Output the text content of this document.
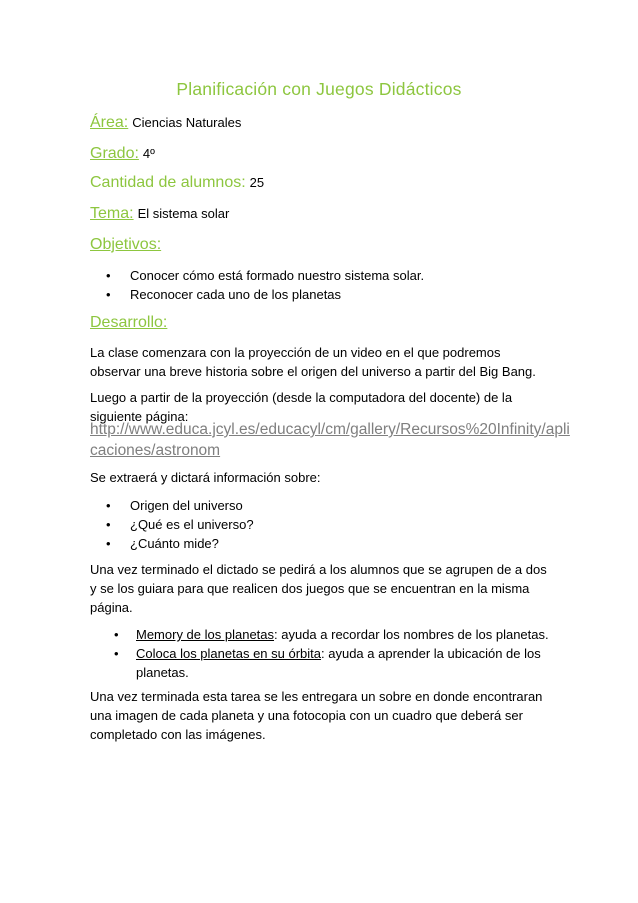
Planificación con Juegos Didácticos
Área: Ciencias Naturales
Grado: 4º
Cantidad de alumnos: 25
Tema: El sistema solar
Objetivos:
• Conocer cómo está formado nuestro sistema solar.
• Reconocer cada uno de los planetas
Desarrollo:
La clase comenzara con la proyección de un video en el que podremos
observar una breve historia sobre el origen del universo a partir del Big Bang.
Luego a partir de la proyección (desde la computadora del docente) de la
siguiente página:
http://www.educa.jcyl.es/educacyl/cm/gallery/Recursos%20Infinity/apli
caciones/astronom
Se extraerá y dictará información sobre:
• Origen del universo
• ¿Qué es el universo?
• ¿Cuánto mide?
Una vez terminado el dictado se pedirá a los alumnos que se agrupen de a dos
y se los guiara para que realicen dos juegos que se encuentran en la misma
página.
• Memory de los planetas: ayuda a recordar los nombres de los planetas.
• Coloca los planetas en su órbita: ayuda a aprender la ubicación de los planetas.
Una vez terminada esta tarea se les entregara un sobre en donde encontraran
una imagen de cada planeta y una fotocopia con un cuadro que deberá ser
completado con las imágenes.
